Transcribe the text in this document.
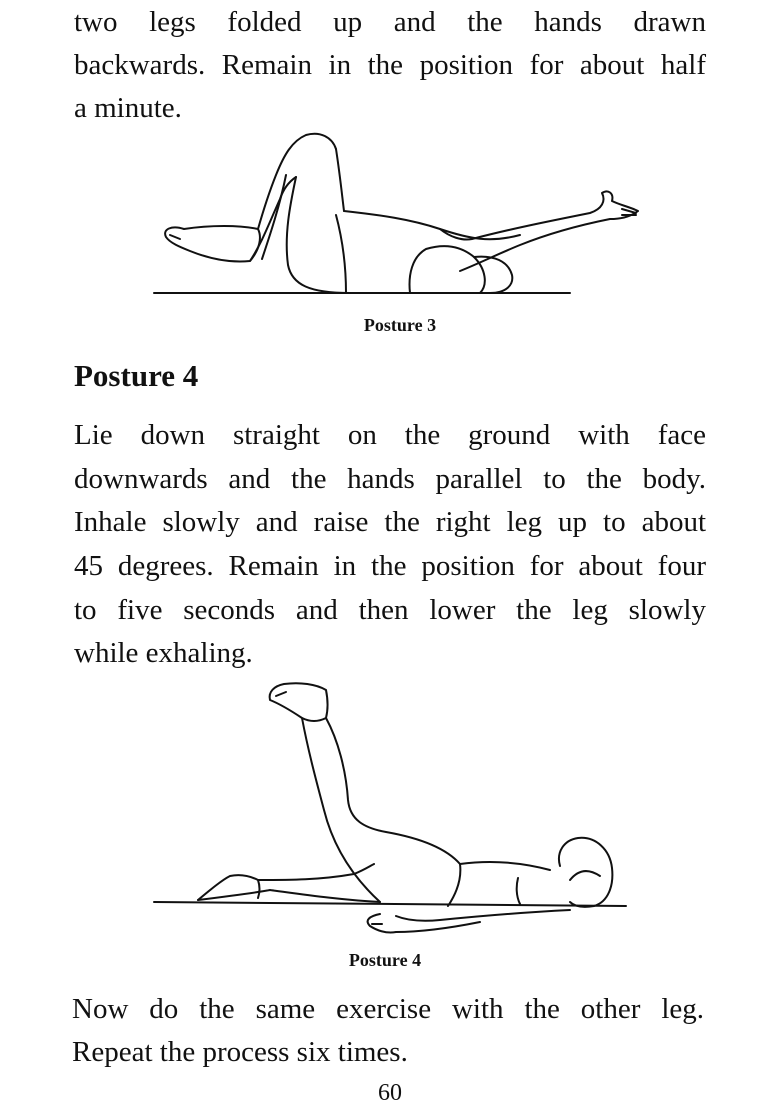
two legs folded up and the hands drawn
backwards. Remain in the position for about half
a minute.
Posture 3
Posture 4
Lie down straight on the ground with face
downwards and the hands parallel to the body.
Inhale slowly and raise the right leg up to about
45 degrees. Remain in the position for about four
to five seconds and then lower the leg slowly
while exhaling.
Posture 4
Now do the same exercise with the other leg.
Repeat the process six times.
60
